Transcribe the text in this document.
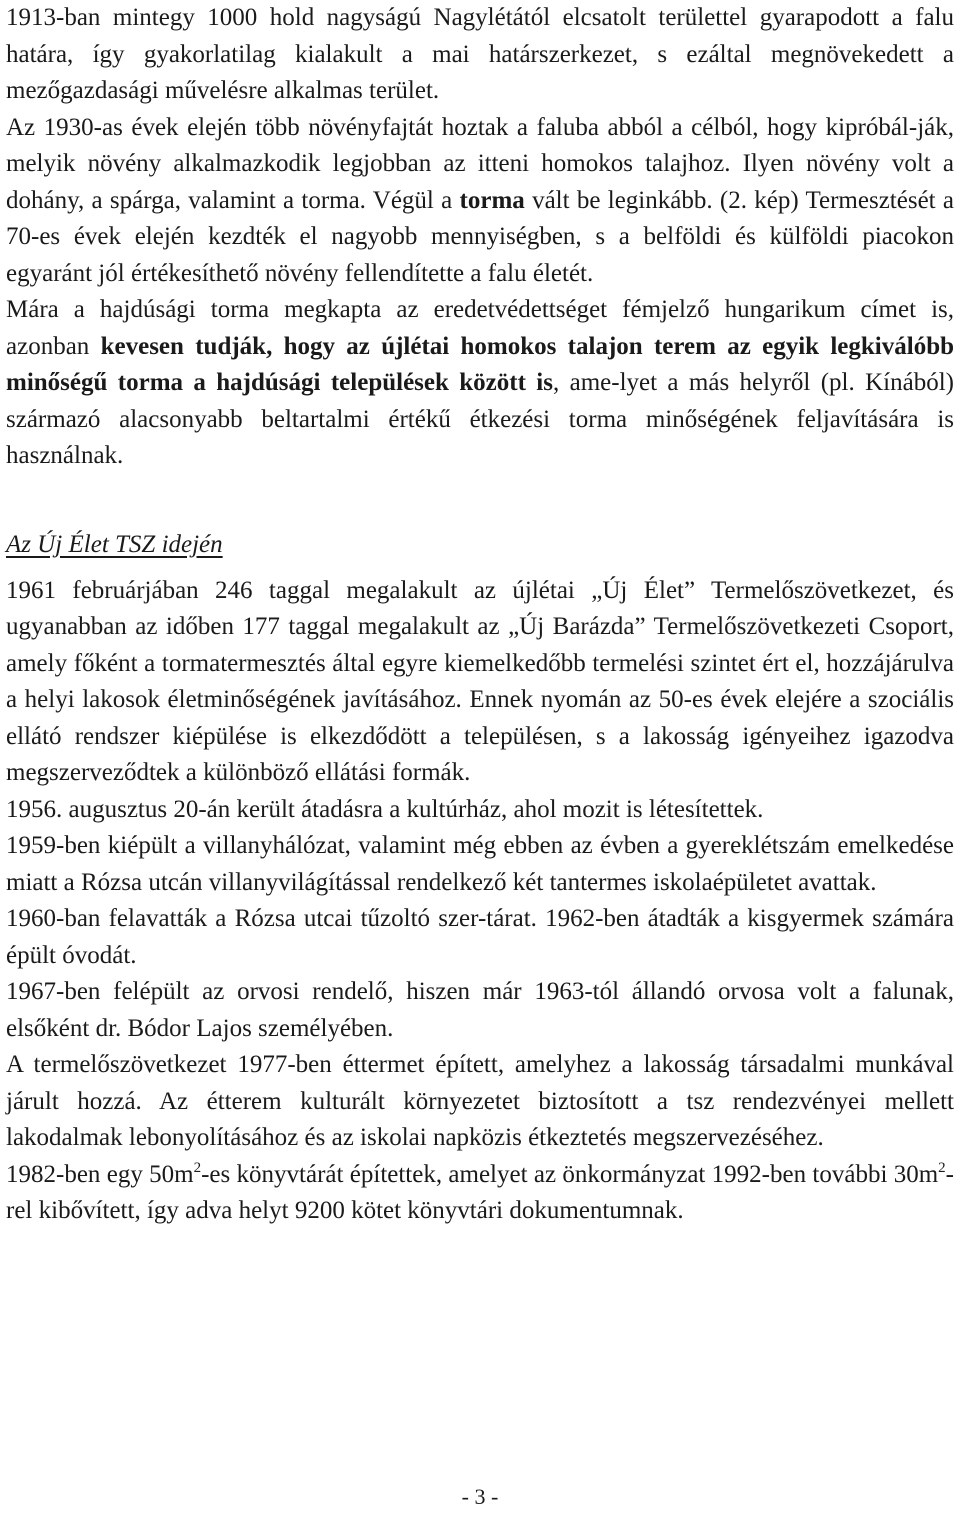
1913-ban mintegy 1000 hold nagyságú Nagylétától elcsatolt területtel gyarapodott a falu határa, így gyakorlatilag kialakult a mai határszerkezet, s ezáltal megnövekedett a mezőgazdasági művelésre alkalmas terület.

Az 1930-as évek elején több növényfajtát hoztak a faluba abból a célból, hogy kipróbál-ják, melyik növény alkalmazkodik legjobban az itteni homokos talajhoz. Ilyen növény volt a dohány, a spárga, valamint a torma. Végül a torma vált be leginkább. (2. kép) Termesztését a 70-es évek elején kezdték el nagyobb mennyiségben, s a belföldi és külföldi piacokon egyaránt jól értékesíthető növény fellendítette a falu életét.

Mára a hajdúsági torma megkapta az eredetvédettséget fémjelző hungarikum címet is, azonban kevesen tudják, hogy az újlétai homokos talajon terem az egyik legkiválóbb minőségű torma a hajdúsági települések között is, ame-lyet a más helyről (pl. Kínából) származó alacsonyabb beltartalmi értékű étkezési torma minőségének feljavítására is használnak.

Az Új Élet TSZ idején

1961 februárjában 246 taggal megalakult az újlétai „Új Élet” Termelőszövetkezet, és ugyanabban az időben 177 taggal megalakult az „Új Barázda” Termelőszövetkezeti Csoport, amely főként a tormatermesztés által egyre kiemelkedőbb termelési szintet ért el, hozzájárulva a helyi lakosok életminőségének javításához. Ennek nyomán az 50-es évek elejére a szociális ellátó rendszer kiépülése is elkezdődött a településen, s a lakosság igényeihez igazodva megszerveződtek a különböző ellátási formák.

1956. augusztus 20-án került átadásra a kultúrház, ahol mozit is létesítettek.

1959-ben kiépült a villanyhálózat, valamint még ebben az évben a gyereklétszám emelkedése miatt a Rózsa utcán villanyvilágítással rendelkező két tantermes iskolaépületet avattak.

1960-ban felavatták a Rózsa utcai tűzoltó szer-tárat. 1962-ben átadták a kisgyermek számára épült óvodát.

1967-ben felépült az orvosi rendelő, hiszen már 1963-tól állandó orvosa volt a falunak, elsőként dr. Bódor Lajos személyében.

A termelőszövetkezet 1977-ben éttermet épített, amelyhez a lakosság társadalmi munkával járult hozzá. Az étterem kulturált környezetet biztosított a tsz rendezvényei mellett lakodalmak lebonyolításához és az iskolai napközis étkeztetés megszervezéséhez.

1982-ben egy $50m^2-es$ könyvtárát építettek, amelyet az önkormányzat 1992-ben további $30m^2$-rel kibővített, így adva helyt 9200 kötet könyvtári dokumentumnak.

- 3 -
